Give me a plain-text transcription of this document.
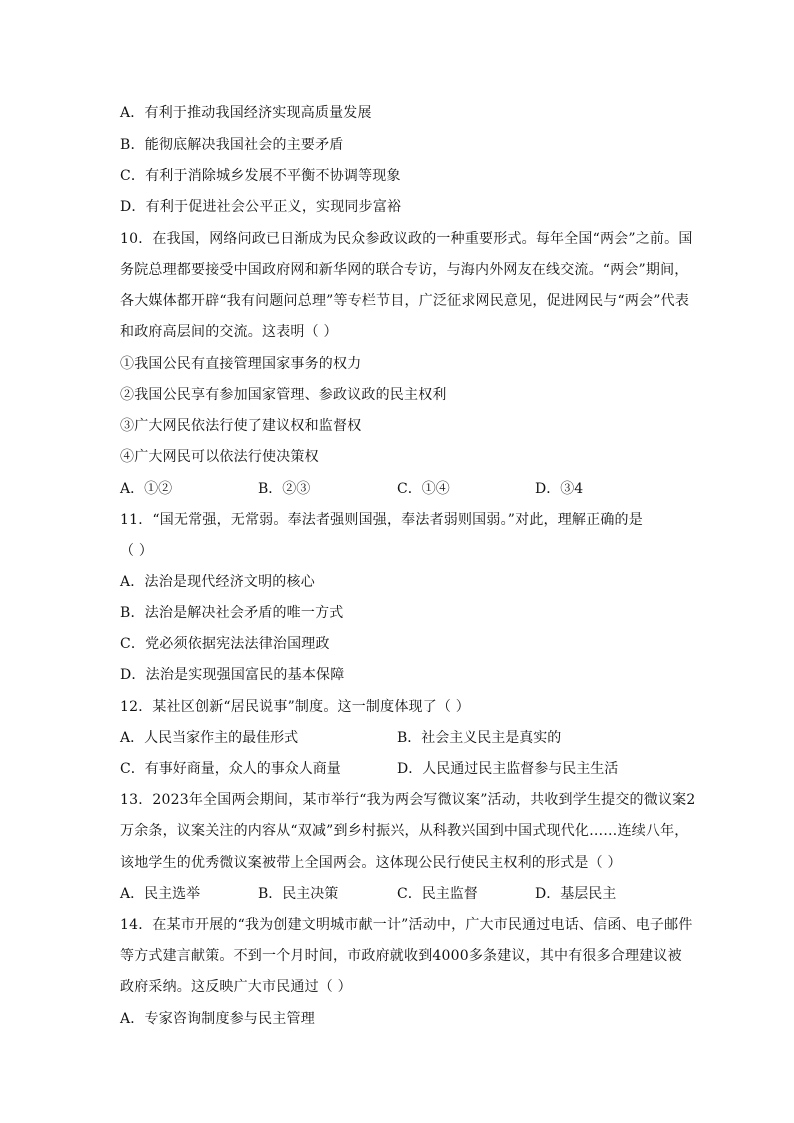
A．有利于推动我国经济实现高质量发展
B．能彻底解决我国社会的主要矛盾
C．有利于消除城乡发展不平衡不协调等现象
D．有利于促进社会公平正义，实现同步富裕
10．在我国，网络问政已日渐成为民众参政议政的一种重要形式。每年全国“两会”之前。国
务院总理都要接受中国政府网和新华网的联合专访，与海内外网友在线交流。“两会”期间，
各大媒体都开辟“我有问题问总理”等专栏节目，广泛征求网民意见，促进网民与“两会”代表
和政府高层间的交流。这表明（ ）
①我国公民有直接管理国家事务的权力
②我国公民享有参加国家管理、参政议政的民主权利
③广大网民依法行使了建议权和监督权
④广大网民可以依法行使决策权
A．①②	B．②③	C．①④	D．③4
11．“国无常强，无常弱。奉法者强则国强，奉法者弱则国弱。”对此，理解正确的是
（ ）
A．法治是现代经济文明的核心
B．法治是解决社会矛盾的唯一方式
C．党必须依据宪法法律治国理政
D．法治是实现强国富民的基本保障
12．某社区创新“居民说事”制度。这一制度体现了（ ）
A．人民当家作主的最佳形式	B．社会主义民主是真实的
C．有事好商量，众人的事众人商量	D．人民通过民主监督参与民主生活
13．2023年全国两会期间，某市举行“我为两会写微议案”活动，共收到学生提交的微议案2
万余条，议案关注的内容从“双减”到乡村振兴，从科教兴国到中国式现代化……连续八年，
该地学生的优秀微议案被带上全国两会。这体现公民行使民主权利的形式是（ ）
A．民主选举	B．民主决策	C．民主监督	D．基层民主
14．在某市开展的“我为创建文明城市献一计”活动中，广大市民通过电话、信函、电子邮件
等方式建言献策。不到一个月时间，市政府就收到4000多条建议，其中有很多合理建议被
政府采纳。这反映广大市民通过（ ）
A．专家咨询制度参与民主管理
